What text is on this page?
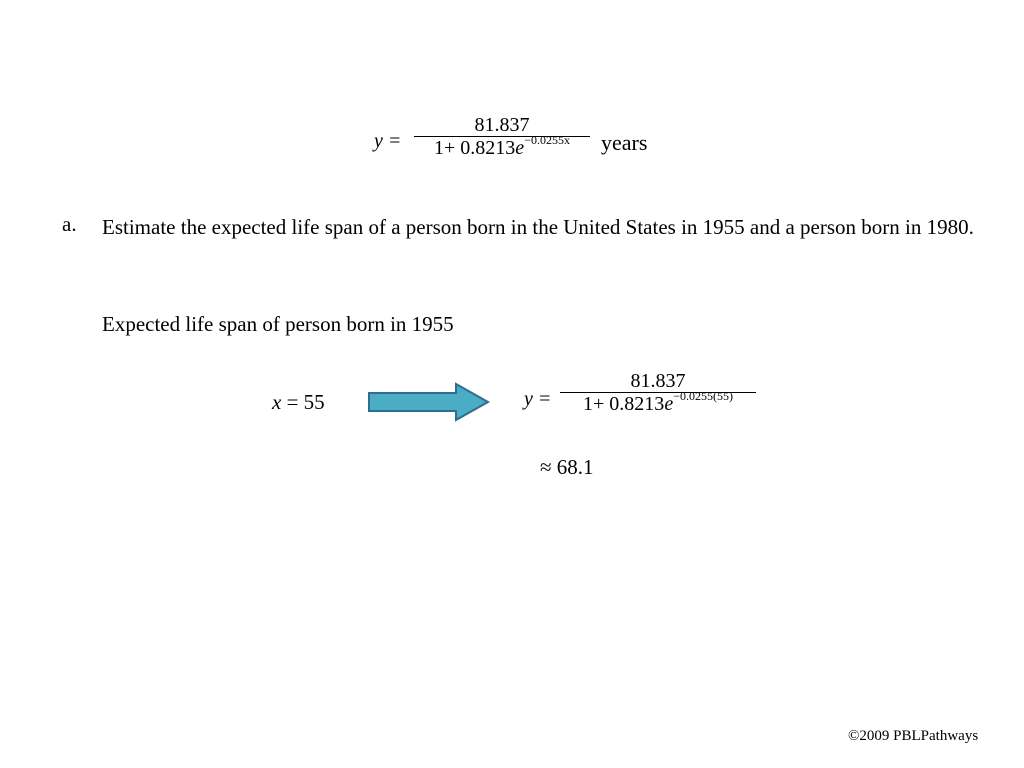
y =
81.837
$1+ 0.8213e^{-0.0255x}$ years
a. Estimate the expected life span of a person born in the United States in 1955 and a person born in 1980.
Expected life span of person born in 1955
x = 55	y =
81.837
$1+ 0.8213e^{-0.0255(55)}$
≈ 68.1
©2009 PBLPathways
